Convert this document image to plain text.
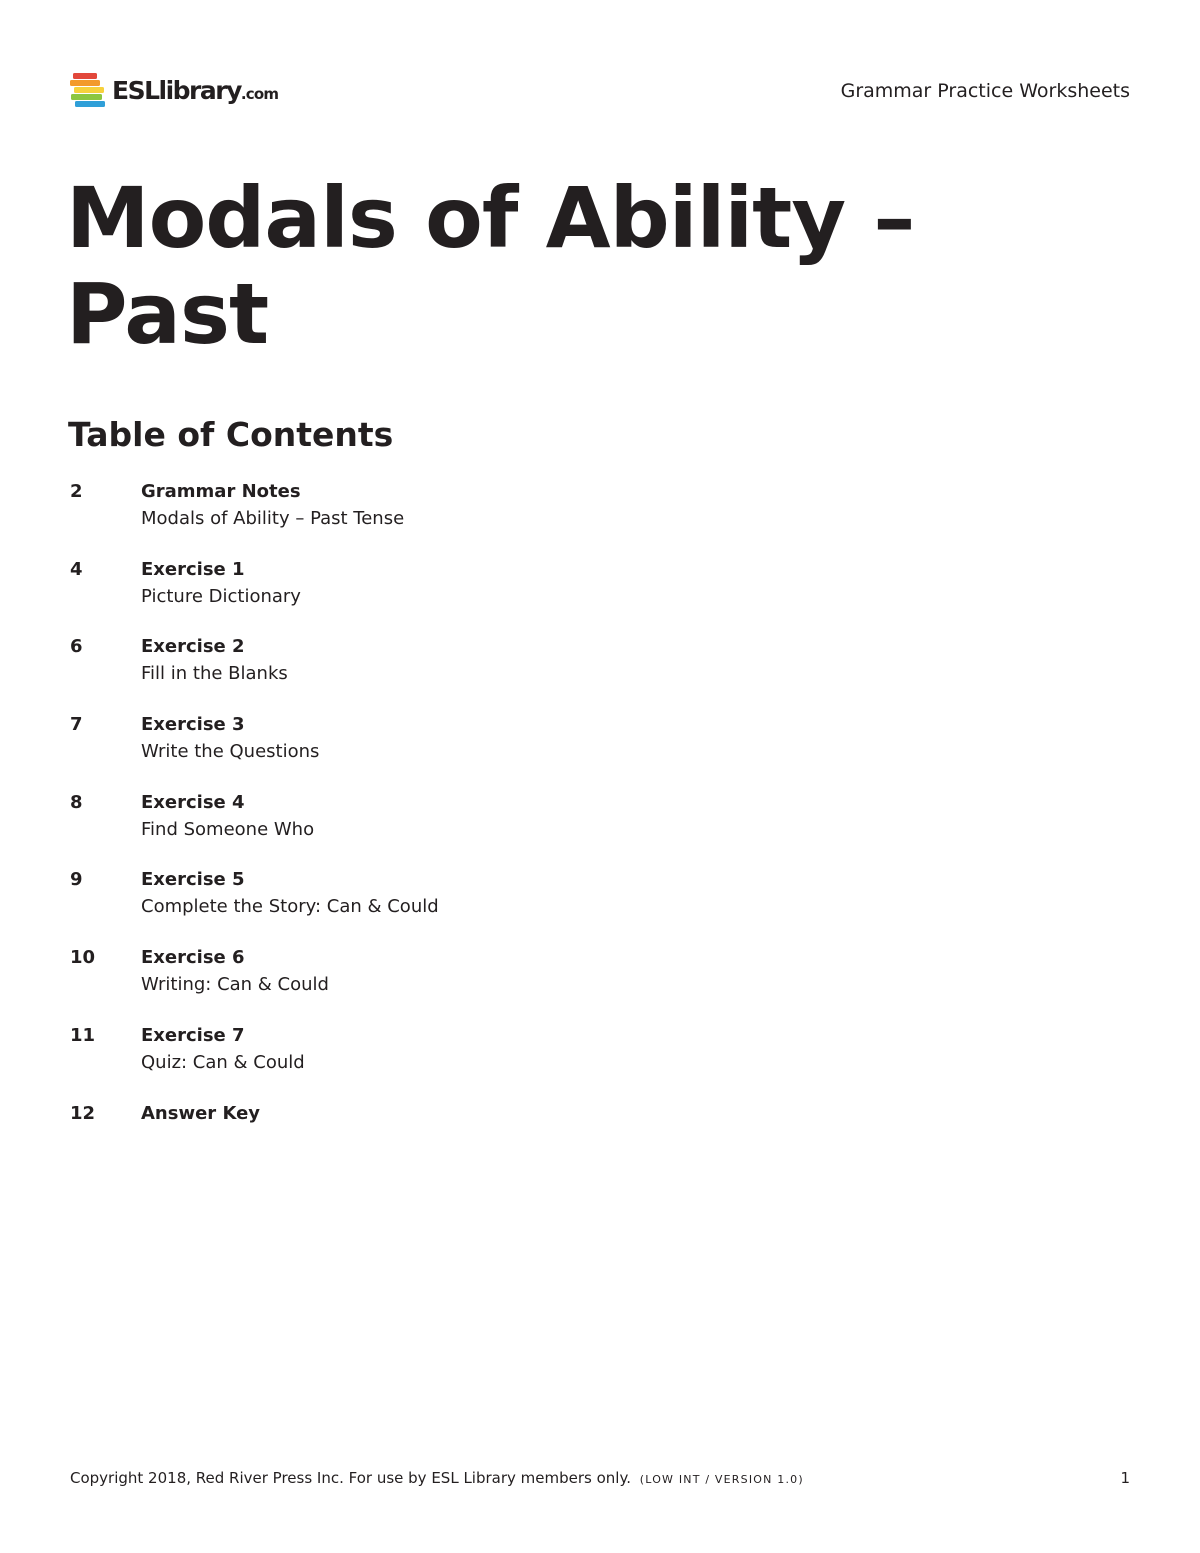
ESLlibrary.com	Grammar Practice Worksheets
Modals of Ability –
Past
Table of Contents
2	Grammar Notes
Modals of Ability – Past Tense
4	Exercise 1
Picture Dictionary
6	Exercise 2
Fill in the Blanks
7	Exercise 3
Write the Questions
8	Exercise 4
Find Someone Who
9	Exercise 5
Complete the Story: Can & Could
10	Exercise 6
Writing: Can & Could
11	Exercise 7
Quiz: Can & Could
12	Answer Key
Copyright 2018, Red River Press Inc. For use by ESL Library members only. (LOW INT / VERSION 1.0)	1
